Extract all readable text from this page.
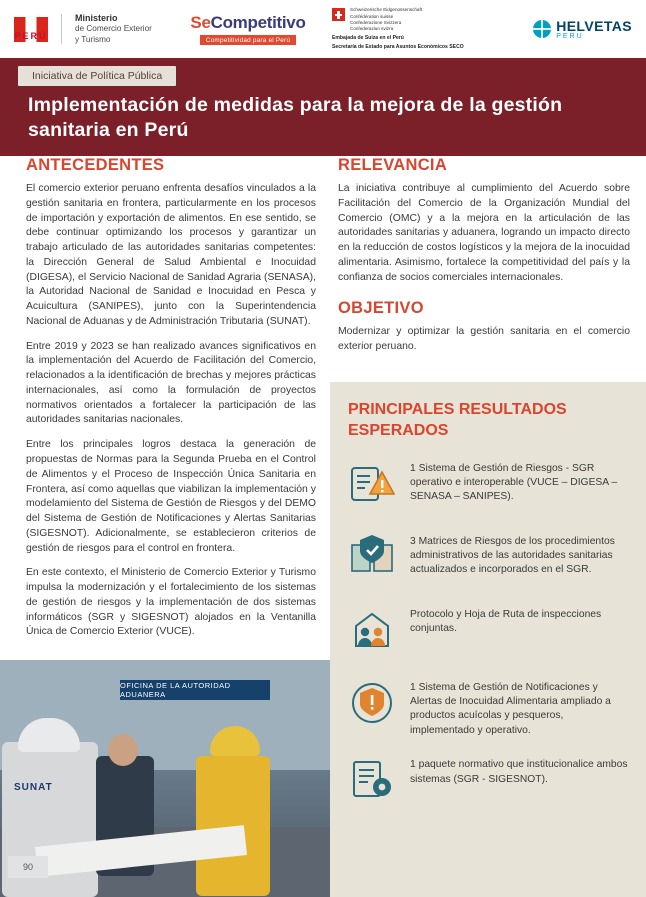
PERÚ
Ministerio
de Comercio Exterior
y Turismo
SeCompetitivo
Competitividad para el Perú
Schweizerische Eidgenossenschaft
Confédération suisse
Confederazione Svizzera
Confederaziun svizra
Embajada de Suiza en el Perú
Secretaría de Estado para Asuntos Económicos SECO
HELVETAS
PERU
Iniciativa de Política Pública
Implementación de medidas para la mejora de la gestión sanitaria en Perú
ANTECEDENTES

El comercio exterior peruano enfrenta desafíos vinculados a la gestión sanitaria en frontera, particularmente en los procesos de importación y exportación de alimentos. En ese sentido, se debe continuar optimizando los procesos y garantizar un trabajo articulado de las autoridades sanitarias competentes: la Dirección General de Salud Ambiental e Inocuidad (DIGESA), el Servicio Nacional de Sanidad Agraria (SENASA), la Autoridad Nacional de Sanidad e Inocuidad en Pesca y Acuicultura (SANIPES), junto con la Superintendencia Nacional de Aduanas y de Administración Tributaria (SUNAT).

Entre 2019 y 2023 se han realizado avances significativos en la implementación del Acuerdo de Facilitación del Comercio, relacionados a la identificación de brechas y mejores prácticas internacionales, así como la formulación de proyectos normativos orientados a fortalecer la participación de las autoridades sanitarias nacionales.

Entre los principales logros destaca la generación de propuestas de Normas para la Segunda Prueba en el Control de Alimentos y el Proceso de Inspección Única Sanitaria en Frontera, así como aquellas que viabilizan la implementación y modelamiento del Sistema de Gestión de Riesgos y del DEMO del Sistema de Gestión de Notificaciones y Alertas Sanitarias (SIGESNOT). Adicionalmente, se establecieron criterios de gestión de riesgos para el control en frontera.

En este contexto, el Ministerio de Comercio Exterior y Turismo impulsa la modernización y el fortalecimiento de los sistemas de gestión de riesgos y la implementación de dos sistemas informáticos (SGR y SIGESNOT) alojados en la Ventanilla Única de Comercio Exterior (VUCE).

RELEVANCIA

La iniciativa contribuye al cumplimiento del Acuerdo sobre Facilitación del Comercio de la Organización Mundial del Comercio (OMC) y a la mejora en la articulación de las autoridades sanitarias y aduanera, logrando un impacto directo en la reducción de costos logísticos y la mejora de la inocuidad alimentaria. Asimismo, fortalece la competitividad del país y la confianza de socios comerciales internacionales.

OBJETIVO

Modernizar y optimizar la gestión sanitaria en el comercio exterior peruano.

PRINCIPALES RESULTADOS
ESPERADOS
1 Sistema de Gestión de Riesgos - SGR operativo e interoperable (VUCE – DIGESA – SENASA – SANIPES).
3 Matrices de Riesgos de los procedimientos administrativos de las autoridades sanitarias actualizados e incorporados en el SGR.
Protocolo y Hoja de Ruta de inspecciones conjuntas.
1 Sistema de Gestión de Notificaciones y Alertas de Inocuidad Alimentaria ampliado a productos acuícolas y pesqueros, implementado y operativo.
1 paquete normativo que institucionalice ambos sistemas (SGR - SIGESNOT).
OFICINA DE LA AUTORIDAD ADUANERA
SUNAT
90
